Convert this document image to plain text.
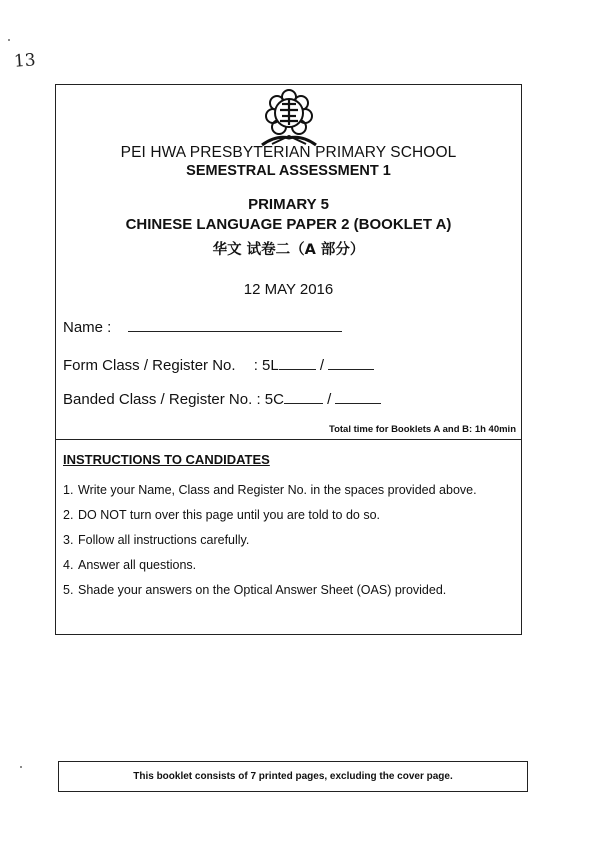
13
PEI HWA PRESBYTERIAN PRIMARY SCHOOL
SEMESTRAL ASSESSMENT 1
PRIMARY 5
CHINESE LANGUAGE PAPER 2 (BOOKLET A)
华文 试卷二（A 部分）
12 MAY 2016
Name :
Form Class / Register No. : 5L	/
Banded Class / Register No. : 5C	/
Total time for Booklets A and B: 1h 40min
INSTRUCTIONS TO CANDIDATES
1. Write your Name, Class and Register No. in the spaces provided above.
2. DO NOT turn over this page until you are told to do so.
3. Follow all instructions carefully.
4. Answer all questions.
5. Shade your answers on the Optical Answer Sheet (OAS) provided.
This booklet consists of 7 printed pages, excluding the cover page.
